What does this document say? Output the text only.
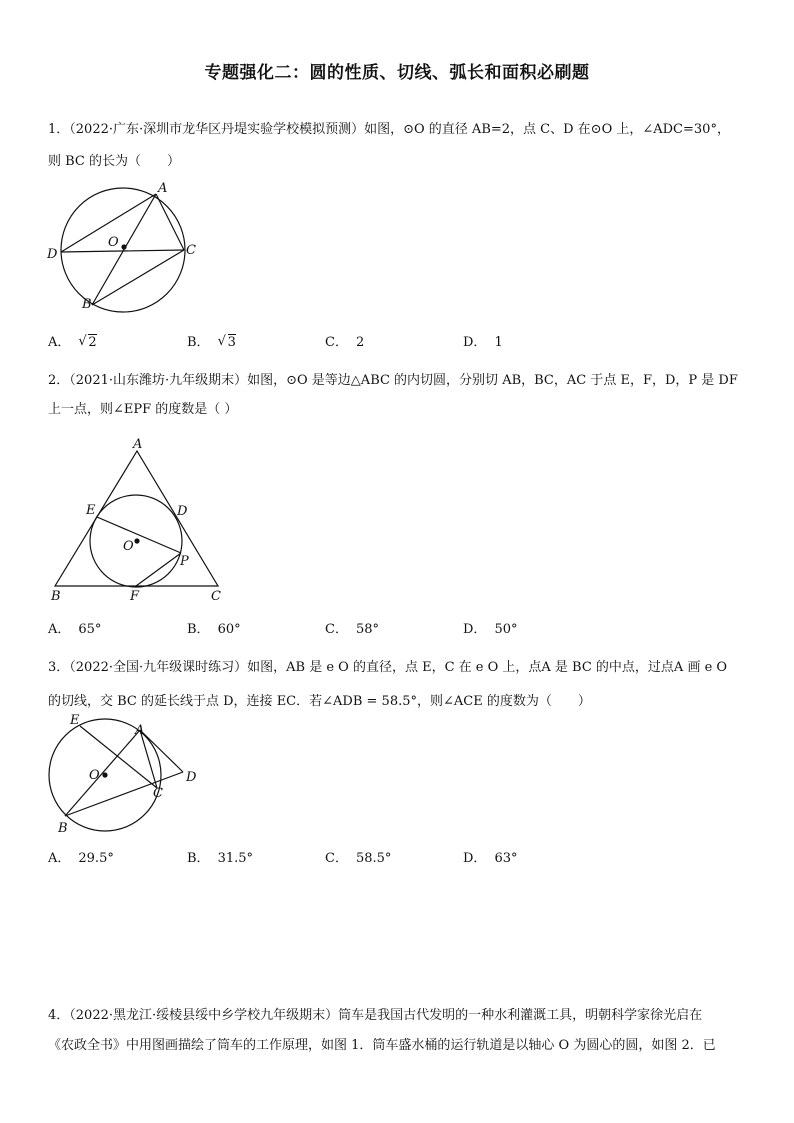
专题强化二：圆的性质、切线、弧长和面积必刷题
1．（2022·广东·深圳市龙华区丹堤实验学校模拟预测）如图，⊙O 的直径 AB=2，点 C、D 在⊙O 上，∠ADC=30°，
则 BC 的长为（　　）
A
D	C
O
B
A． √ 2	B． √ 3	C． 2	D． 1
2．（2021·山东潍坊·九年级期末）如图，⊙O 是等边△ABC 的内切圆，分别切 AB，BC，AC 于点 E，F，D，P 是 DF
上一点，则∠EPF 的度数是（ ）
A
E	D
O
P
B	F	C
A． 65°	B． 60°	C． 58°	D． 50°
3．（2022·全国·九年级课时练习）如图，AB 是 e O 的直径，点 E，C 在 e O 上，点A 是 BC 的中点，过点A 画 e O
的切线，交 BC 的延长线于点 D，连接 EC．若∠ADB = 58.5°，则∠ACE 的度数为（　　）
E
A
O	D
C
B
A． 29.5°	B． 31.5°	C． 58.5°	D． 63°
4．（2022·黑龙江·绥棱县绥中乡学校九年级期末）筒车是我国古代发明的一种水利灌溉工具，明朝科学家徐光启在
《农政全书》中用图画描绘了筒车的工作原理，如图 1．筒车盛水桶的运行轨道是以轴心 O 为圆心的圆，如图 2．已
